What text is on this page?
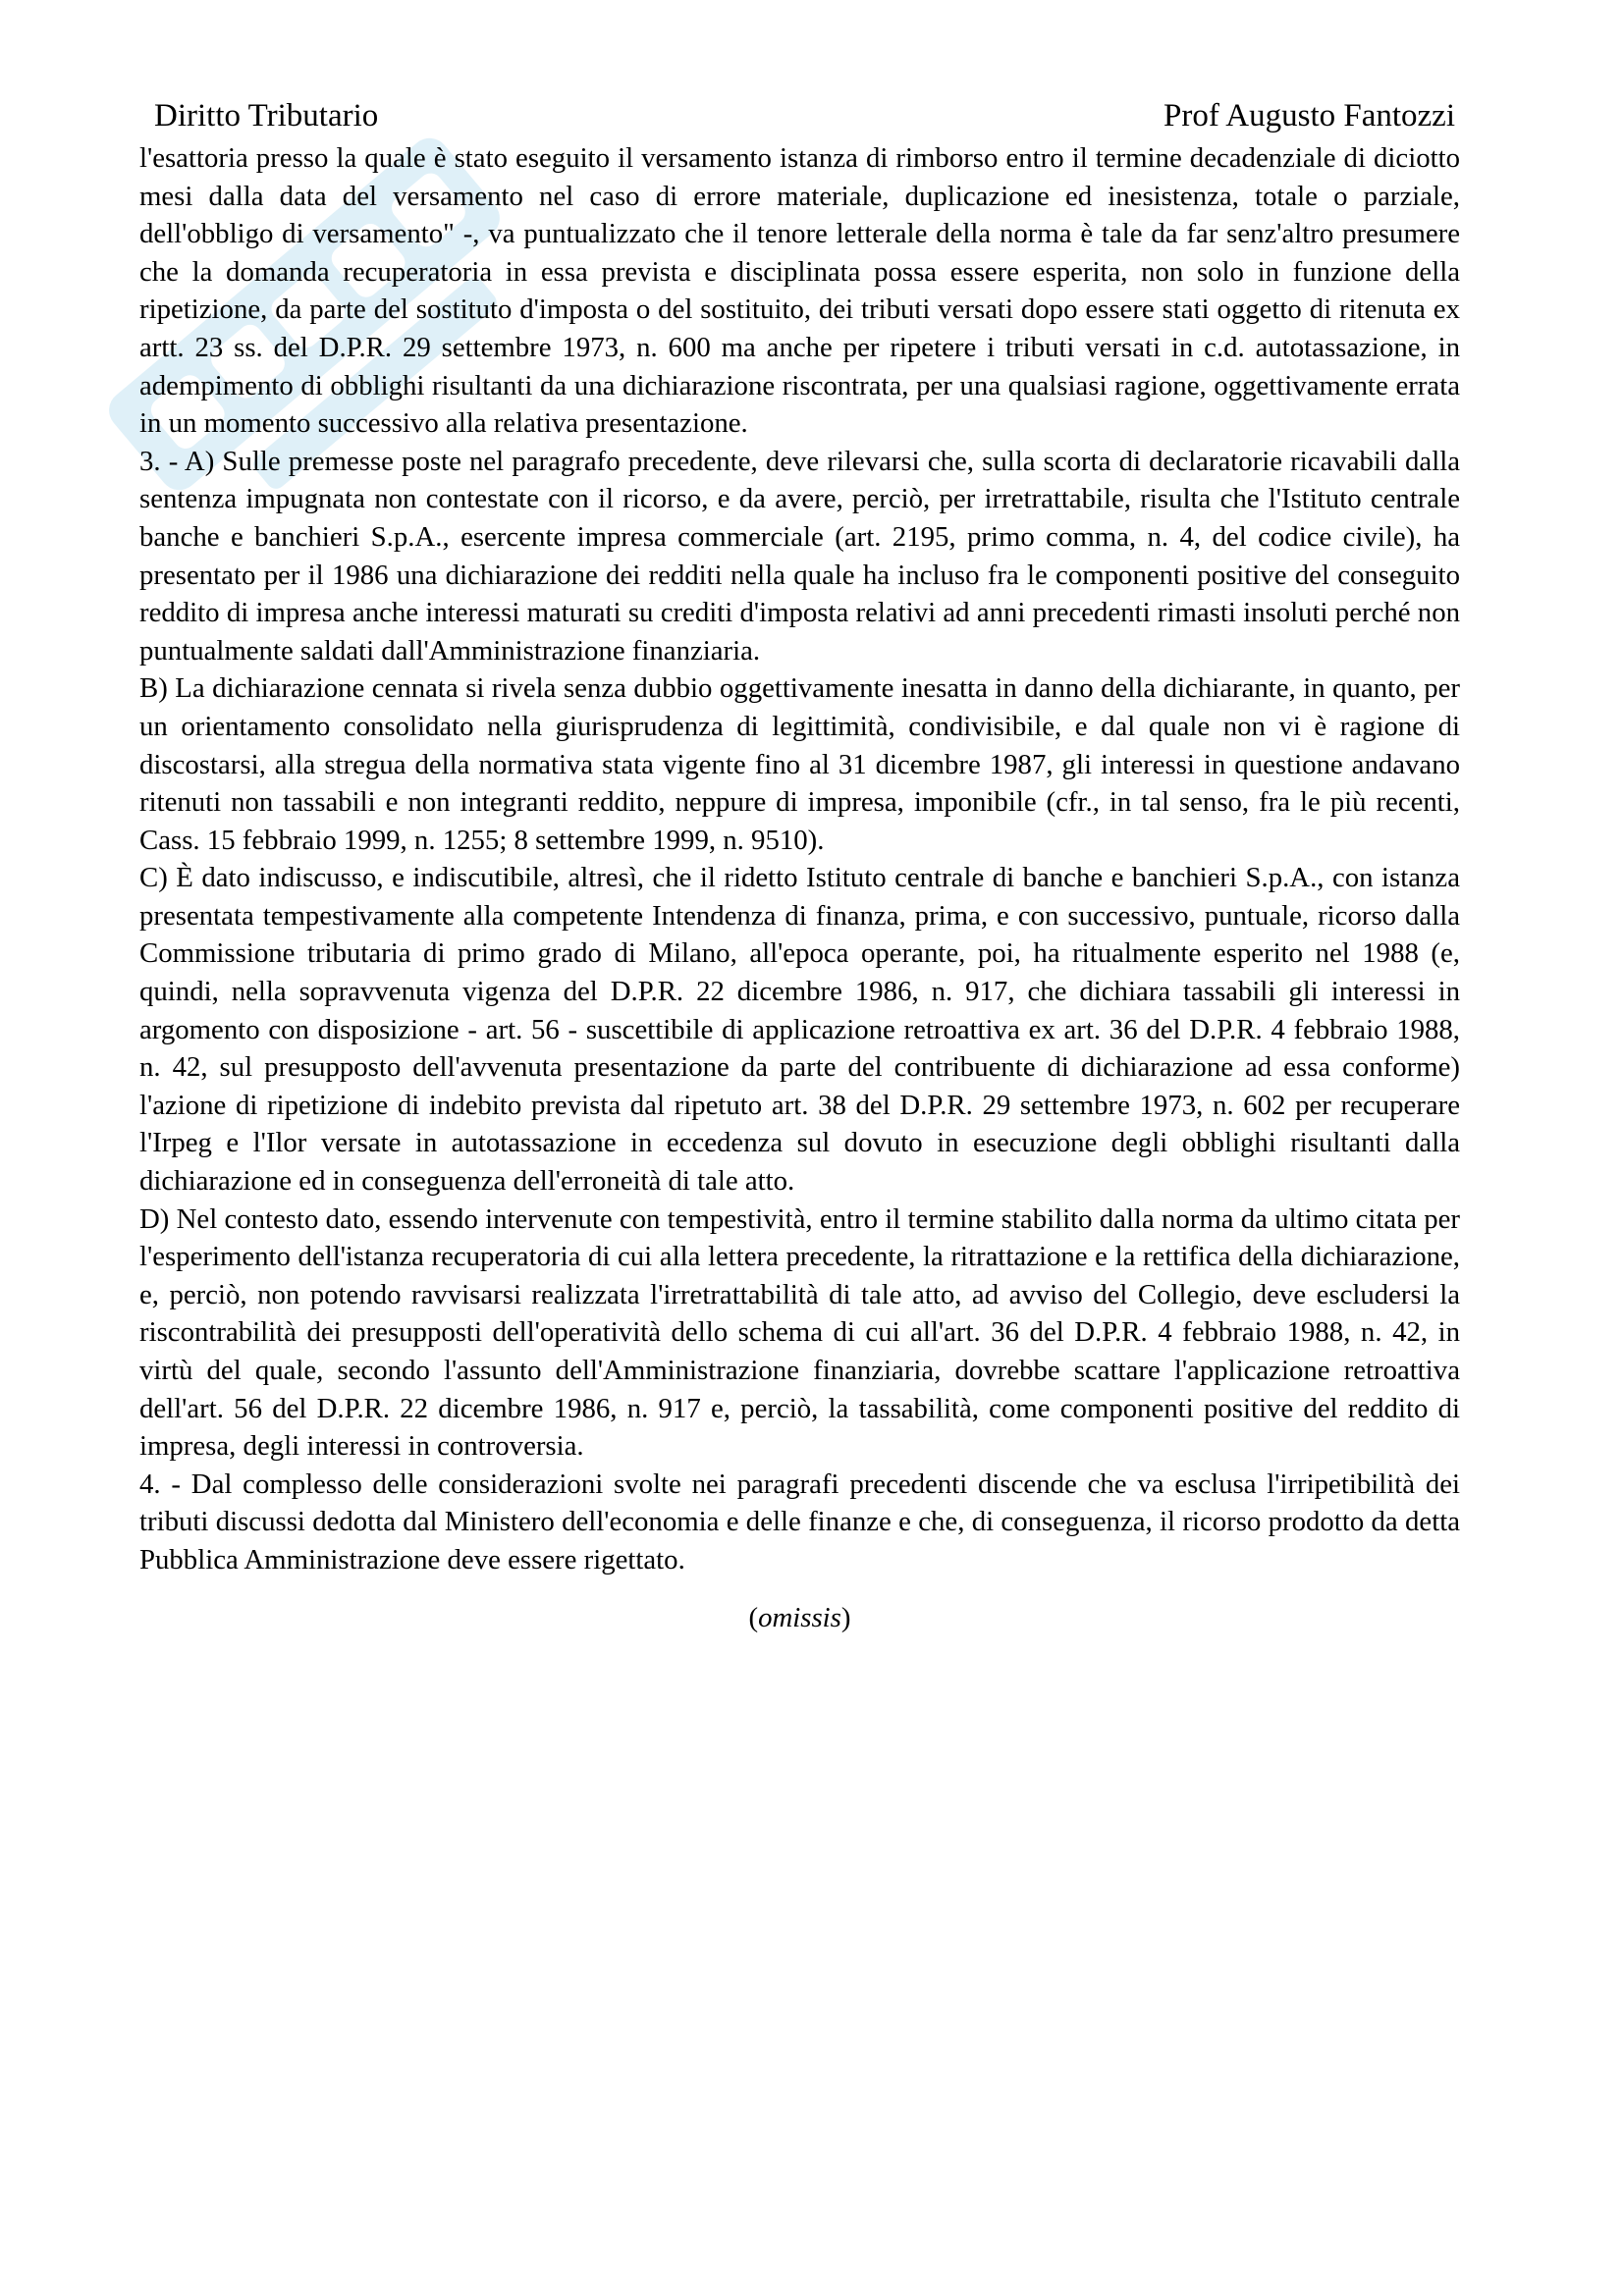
Diritto Tributario	Prof Augusto Fantozzi

l'esattoria presso la quale è stato eseguito il versamento istanza di rimborso entro il termine decadenziale di diciotto mesi dalla data del versamento nel caso di errore materiale, duplicazione ed inesistenza, totale o parziale, dell'obbligo di versamento" -, va puntualizzato che il tenore letterale della norma è tale da far senz'altro presumere che la domanda recuperatoria in essa prevista e disciplinata possa essere esperita, non solo in funzione della ripetizione, da parte del sostituto d'imposta o del sostituito, dei tributi versati dopo essere stati oggetto di ritenuta ex artt. 23 ss. del D.P.R. 29 settembre 1973, n. 600 ma anche per ripetere i tributi versati in c.d. autotassazione, in adempimento di obblighi risultanti da una dichiarazione riscontrata, per una qualsiasi ragione, oggettivamente errata in un momento successivo alla relativa presentazione.

3. - A) Sulle premesse poste nel paragrafo precedente, deve rilevarsi che, sulla scorta di declaratorie ricavabili dalla sentenza impugnata non contestate con il ricorso, e da avere, perciò, per irretrattabile, risulta che l'Istituto centrale banche e banchieri S.p.A., esercente impresa commerciale (art. 2195, primo comma, n. 4, del codice civile), ha presentato per il 1986 una dichiarazione dei redditi nella quale ha incluso fra le componenti positive del conseguito reddito di impresa anche interessi maturati su crediti d'imposta relativi ad anni precedenti rimasti insoluti perché non puntualmente saldati dall'Amministrazione finanziaria.

B) La dichiarazione cennata si rivela senza dubbio oggettivamente inesatta in danno della dichiarante, in quanto, per un orientamento consolidato nella giurisprudenza di legittimità, condivisibile, e dal quale non vi è ragione di discostarsi, alla stregua della normativa stata vigente fino al 31 dicembre 1987, gli interessi in questione andavano ritenuti non tassabili e non integranti reddito, neppure di impresa, imponibile (cfr., in tal senso, fra le più recenti, Cass. 15 febbraio 1999, n. 1255; 8 settembre 1999, n. 9510).

C) È dato indiscusso, e indiscutibile, altresì, che il ridetto Istituto centrale di banche e banchieri S.p.A., con istanza presentata tempestivamente alla competente Intendenza di finanza, prima, e con successivo, puntuale, ricorso dalla Commissione tributaria di primo grado di Milano, all'epoca operante, poi, ha ritualmente esperito nel 1988 (e, quindi, nella sopravvenuta vigenza del D.P.R. 22 dicembre 1986, n. 917, che dichiara tassabili gli interessi in argomento con disposizione - art. 56 - suscettibile di applicazione retroattiva ex art. 36 del D.P.R. 4 febbraio 1988, n. 42, sul presupposto dell'avvenuta presentazione da parte del contribuente di dichiarazione ad essa conforme) l'azione di ripetizione di indebito prevista dal ripetuto art. 38 del D.P.R. 29 settembre 1973, n. 602 per recuperare l'Irpeg e l'Ilor versate in autotassazione in eccedenza sul dovuto in esecuzione degli obblighi risultanti dalla dichiarazione ed in conseguenza dell'erroneità di tale atto.

D) Nel contesto dato, essendo intervenute con tempestività, entro il termine stabilito dalla norma da ultimo citata per l'esperimento dell'istanza recuperatoria di cui alla lettera precedente, la ritrattazione e la rettifica della dichiarazione, e, perciò, non potendo ravvisarsi realizzata l'irretrattabilità di tale atto, ad avviso del Collegio, deve escludersi la riscontrabilità dei presupposti dell'operatività dello schema di cui all'art. 36 del D.P.R. 4 febbraio 1988, n. 42, in virtù del quale, secondo l'assunto dell'Amministrazione finanziaria, dovrebbe scattare l'applicazione retroattiva dell'art. 56 del D.P.R. 22 dicembre 1986, n. 917 e, perciò, la tassabilità, come componenti positive del reddito di impresa, degli interessi in controversia.

4. - Dal complesso delle considerazioni svolte nei paragrafi precedenti discende che va esclusa l'irripetibilità dei tributi discussi dedotta dal Ministero dell'economia e delle finanze e che, di conseguenza, il ricorso prodotto da detta Pubblica Amministrazione deve essere rigettato.

(omissis)
